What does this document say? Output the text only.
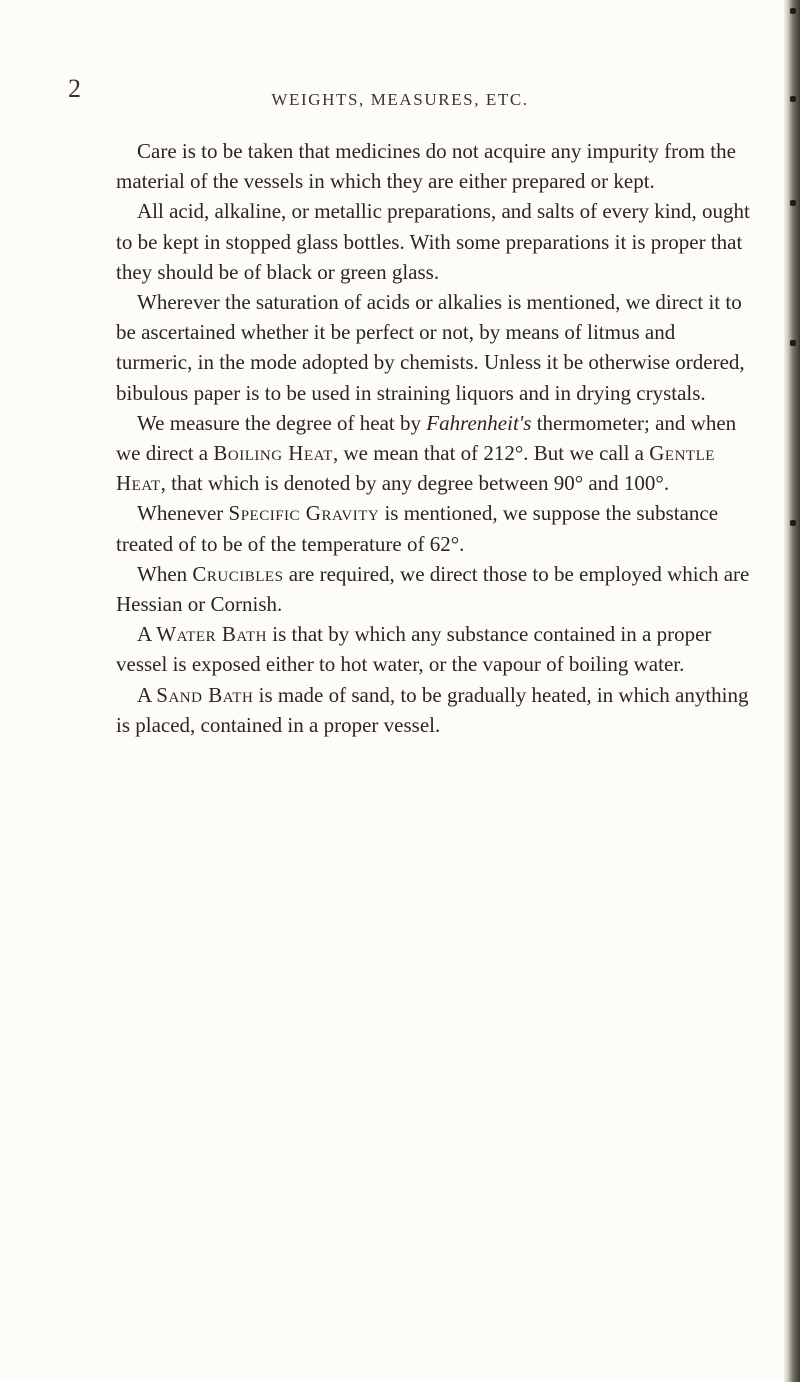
2	WEIGHTS, MEASURES, ETC.

Care is to be taken that medicines do not acquire any impurity from the material of the vessels in which they are either prepared or kept.

All acid, alkaline, or metallic preparations, and salts of every kind, ought to be kept in stopped glass bottles. With some preparations it is proper that they should be of black or green glass.

Wherever the saturation of acids or alkalies is mentioned, we direct it to be ascertained whether it be perfect or not, by means of litmus and turmeric, in the mode adopted by chemists. Unless it be otherwise ordered, bibulous paper is to be used in straining liquors and in drying crystals.

We measure the degree of heat by Fahrenheit's thermometer; and when we direct a Boiling Heat, we mean that of 212°. But we call a Gentle Heat, that which is denoted by any degree between 90° and 100°.

Whenever Specific Gravity is mentioned, we suppose the substance treated of to be of the temperature of 62°.

When Crucibles are required, we direct those to be employed which are Hessian or Cornish.

A Water Bath is that by which any substance contained in a proper vessel is exposed either to hot water, or the vapour of boiling water.

A Sand Bath is made of sand, to be gradually heated, in which anything is placed, contained in a proper vessel.
